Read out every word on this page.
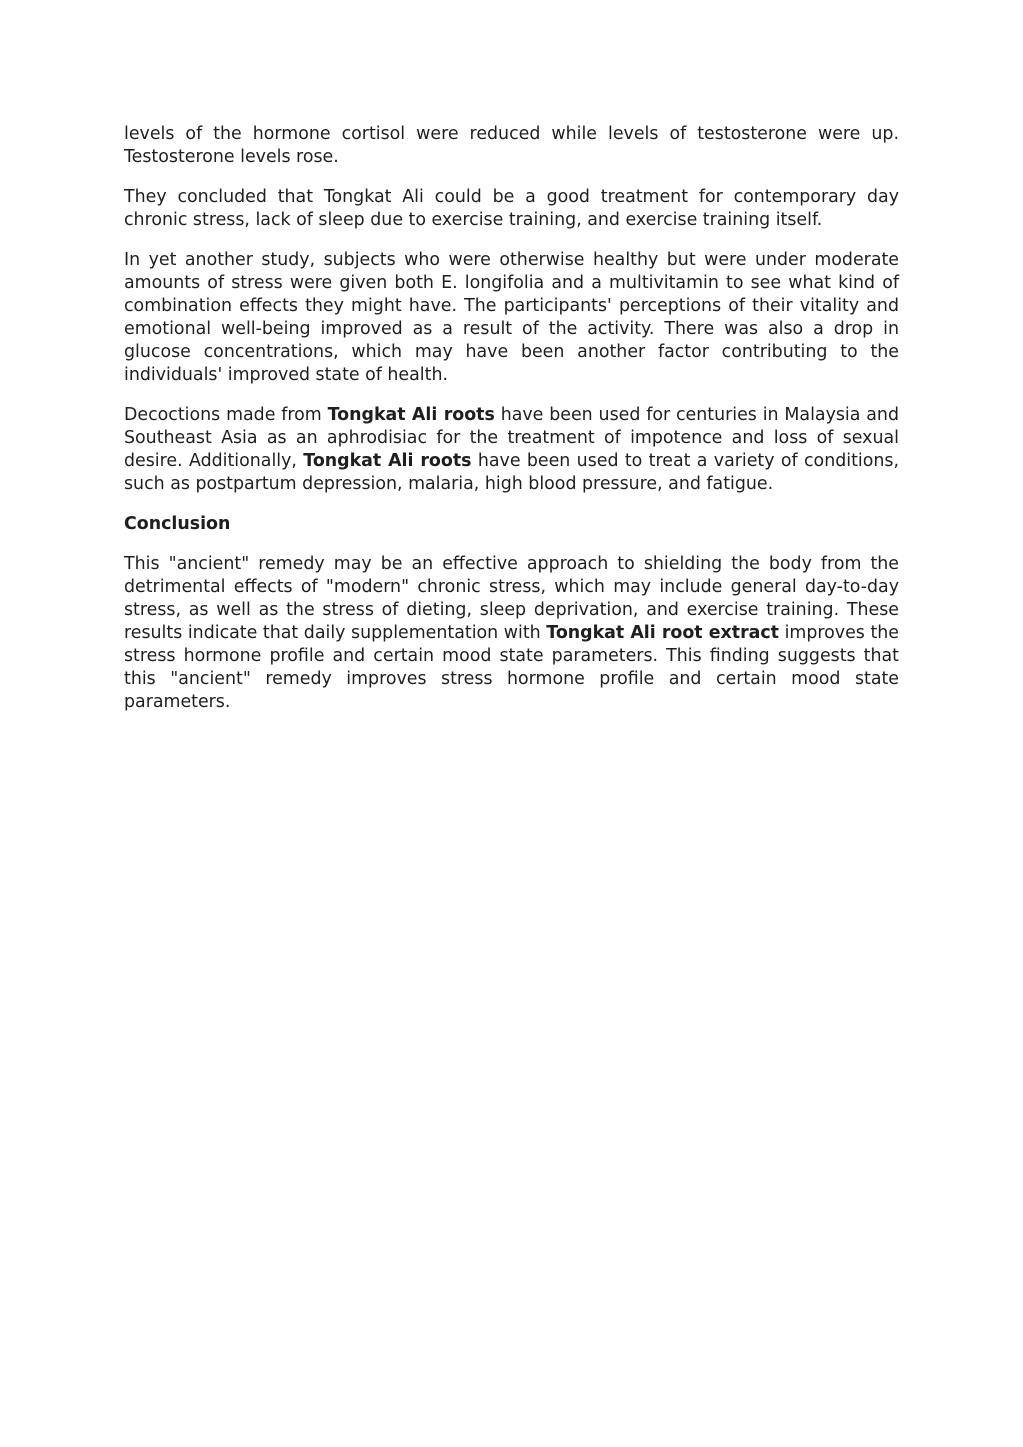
levels of the hormone cortisol were reduced while levels of testosterone were up. Testosterone levels rose.

They concluded that Tongkat Ali could be a good treatment for contemporary day chronic stress, lack of sleep due to exercise training, and exercise training itself.

In yet another study, subjects who were otherwise healthy but were under moderate amounts of stress were given both E. longifolia and a multivitamin to see what kind of combination effects they might have. The participants' perceptions of their vitality and emotional well-being improved as a result of the activity. There was also a drop in glucose concentrations, which may have been another factor contributing to the individuals' improved state of health.

Decoctions made from Tongkat Ali roots have been used for centuries in Malaysia and Southeast Asia as an aphrodisiac for the treatment of impotence and loss of sexual desire. Additionally, Tongkat Ali roots have been used to treat a variety of conditions, such as postpartum depression, malaria, high blood pressure, and fatigue.

Conclusion

This "ancient" remedy may be an effective approach to shielding the body from the detrimental effects of "modern" chronic stress, which may include general day-to-day stress, as well as the stress of dieting, sleep deprivation, and exercise training. These results indicate that daily supplementation with Tongkat Ali root extract improves the stress hormone profile and certain mood state parameters. This finding suggests that this "ancient" remedy improves stress hormone profile and certain mood state parameters.
